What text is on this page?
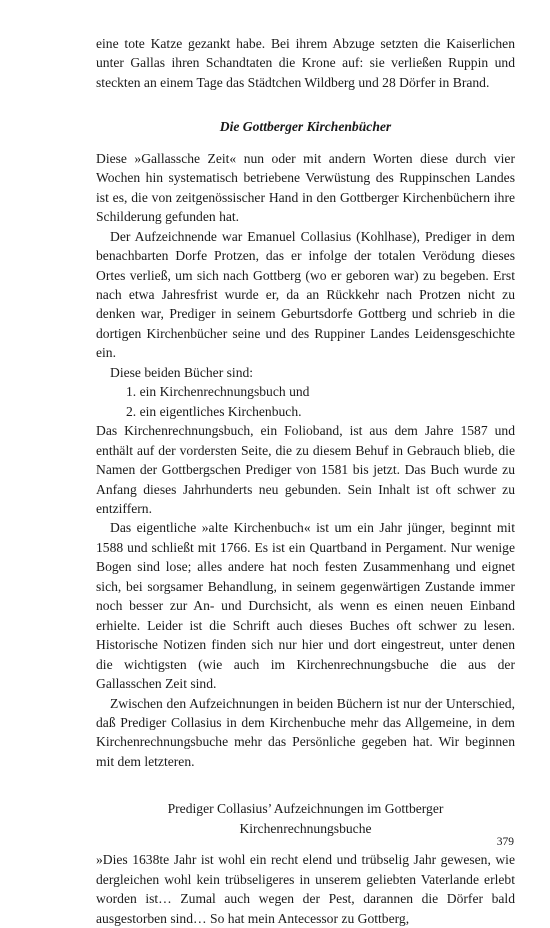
eine tote Katze gezankt habe. Bei ihrem Abzuge setzten die Kaiserlichen unter Gallas ihren Schandtaten die Krone auf: sie verließen Ruppin und steckten an einem Tage das Städtchen Wildberg und 28 Dörfer in Brand.

Die Gottberger Kirchenbücher

Diese »Gallassche Zeit« nun oder mit andern Worten diese durch vier Wochen hin systematisch betriebene Verwüstung des Ruppinschen Landes ist es, die von zeitgenössischer Hand in den Gottberger Kirchenbüchern ihre Schilderung gefunden hat.

Der Aufzeichnende war Emanuel Collasius (Kohlhase), Prediger in dem benachbarten Dorfe Protzen, das er infolge der totalen Verödung dieses Ortes verließ, um sich nach Gottberg (wo er geboren war) zu begeben. Erst nach etwa Jahresfrist wurde er, da an Rückkehr nach Protzen nicht zu denken war, Prediger in seinem Geburtsdorfe Gottberg und schrieb in die dortigen Kirchenbücher seine und des Ruppiner Landes Leidensgeschichte ein.

Diese beiden Bücher sind:

1. ein Kirchenrechnungsbuch und

2. ein eigentliches Kirchenbuch.

Das Kirchenrechnungsbuch, ein Folioband, ist aus dem Jahre 1587 und enthält auf der vordersten Seite, die zu diesem Behuf in Gebrauch blieb, die Namen der Gottbergschen Prediger von 1581 bis jetzt. Das Buch wurde zu Anfang dieses Jahrhunderts neu gebunden. Sein Inhalt ist oft schwer zu entziffern.

Das eigentliche »alte Kirchenbuch« ist um ein Jahr jünger, beginnt mit 1588 und schließt mit 1766. Es ist ein Quartband in Pergament. Nur wenige Bogen sind lose; alles andere hat noch festen Zusammenhang und eignet sich, bei sorgsamer Behandlung, in seinem gegenwärtigen Zustande immer noch besser zur An- und Durchsicht, als wenn es einen neuen Einband erhielte. Leider ist die Schrift auch dieses Buches oft schwer zu lesen. Historische Notizen finden sich nur hier und dort eingestreut, unter denen die wichtigsten (wie auch im Kirchenrechnungsbuche die aus der Gallasschen Zeit sind.

Zwischen den Aufzeichnungen in beiden Büchern ist nur der Unterschied, daß Prediger Collasius in dem Kirchenbuche mehr das Allgemeine, in dem Kirchenrechnungsbuche mehr das Persönliche gegeben hat. Wir beginnen mit dem letzteren.

Prediger Collasius’ Aufzeichnungen im Gottberger

Kirchenrechnungsbuche

»Dies 1638te Jahr ist wohl ein recht elend und trübselig Jahr gewesen, wie dergleichen wohl kein trübseligeres in unserem geliebten Vaterlande erlebt worden ist… Zumal auch wegen der Pest, darannen die Dörfer bald ausgestorben sind… So hat mein Antecessor zu Gottberg,

379
